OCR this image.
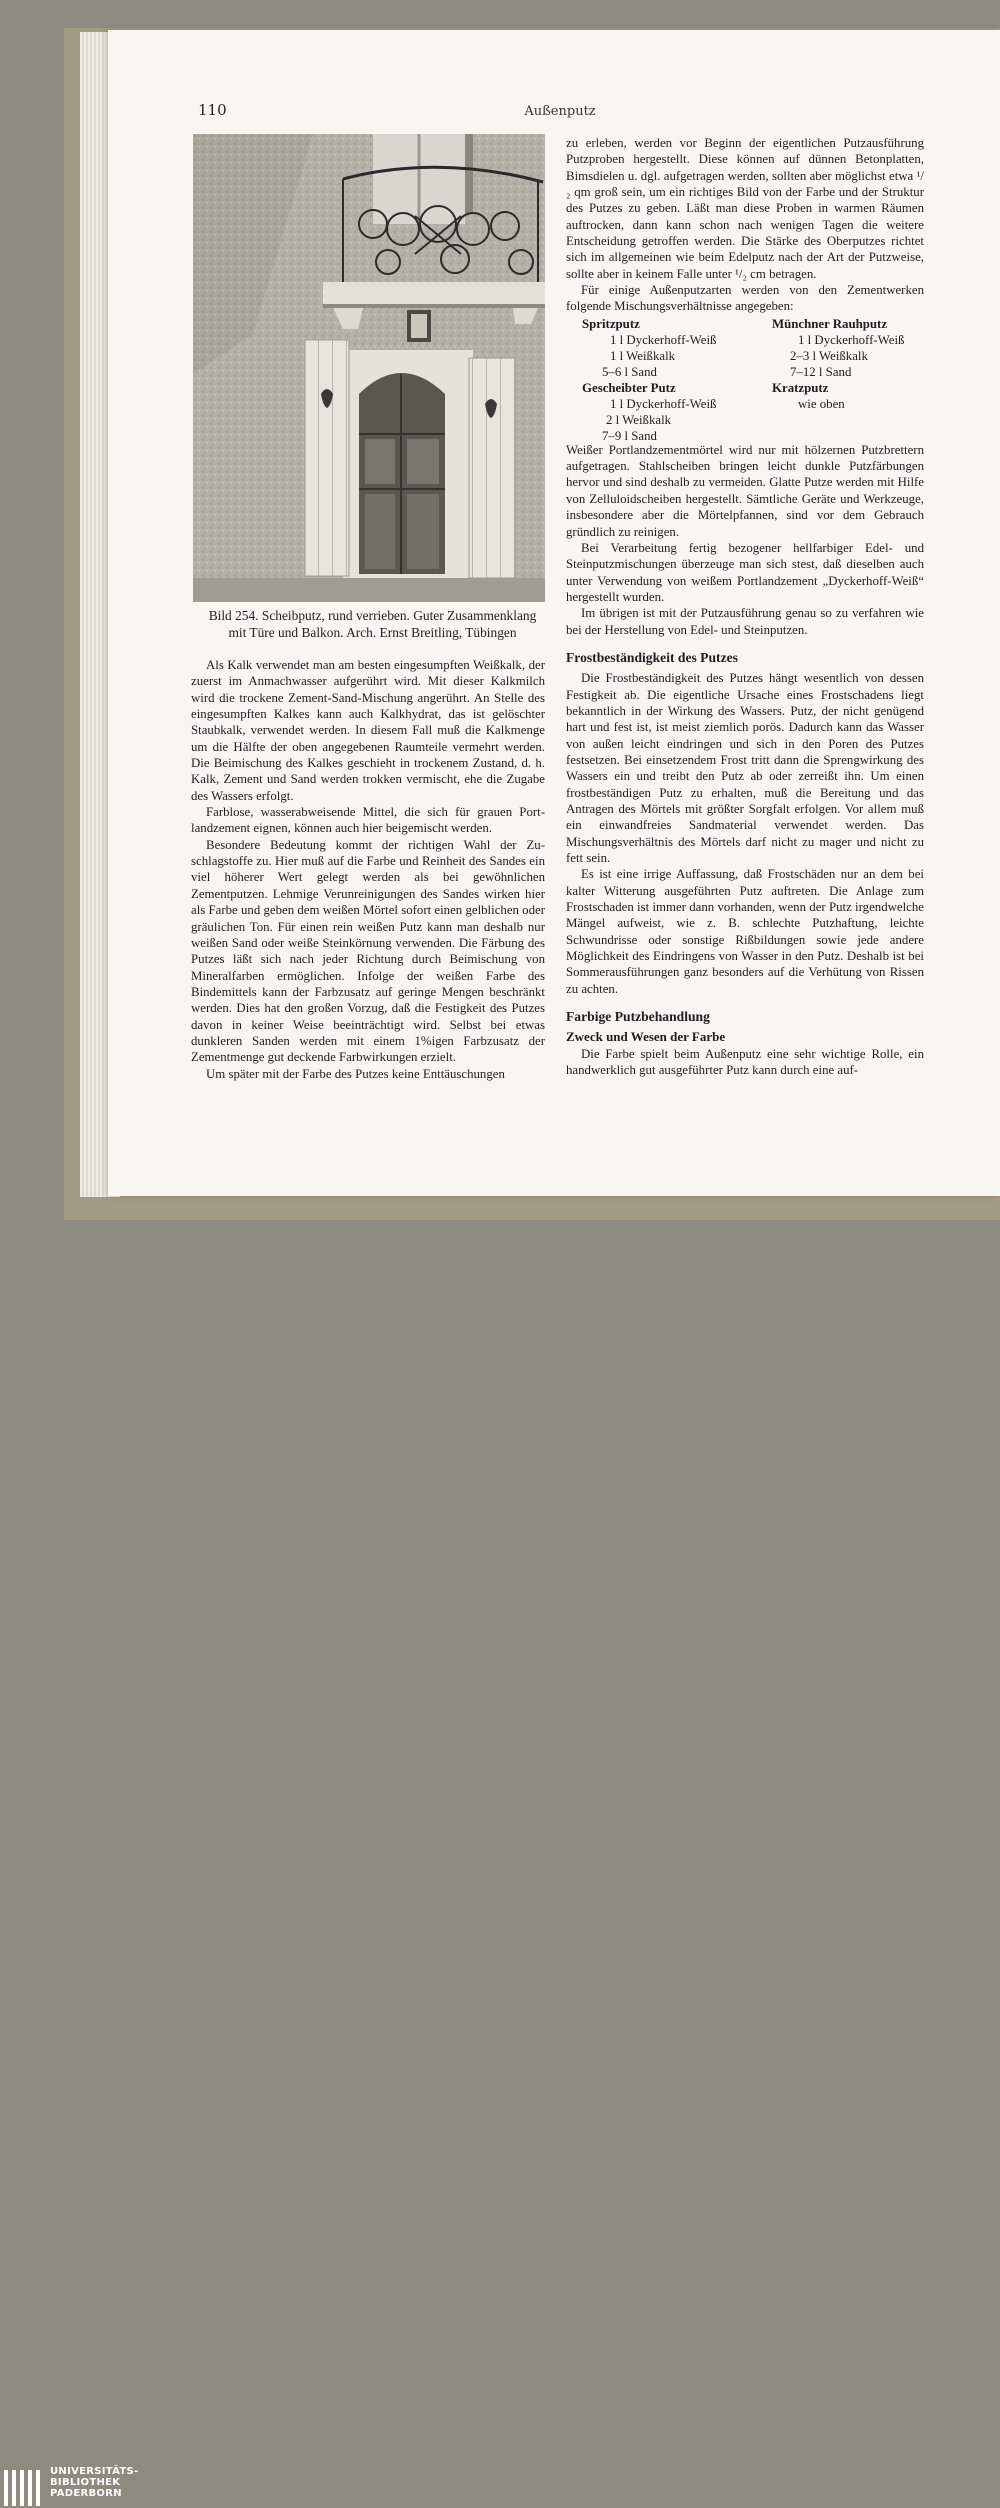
110	Außenputz
Bild 254. Scheibputz, rund verrieben. Guter Zusammenklang
mit Türe und Balkon. Arch. Ernst Breitling, Tübingen

Als Kalk verwendet man am besten eingesumpften Weißkalk, der zuerst im Anmachwasser aufgerührt wird. Mit dieser Kalkmilch wird die trockene Zement-Sand-Mischung angerührt. An Stelle des eingesumpften Kalkes kann auch Kalkhydrat, das ist gelöschter Staubkalk, verwendet werden. In diesem Fall muß die Kalkmenge um die Hälfte der oben angegebenen Raumteile vermehrt werden. Die Beimischung des Kalkes geschieht in trockenem Zustand, d. h. Kalk, Zement und Sand werden trokken vermischt, ehe die Zugabe des Wassers erfolgt.

Farblose, wasserabweisende Mittel, die sich für grauen Portlandzement eignen, können auch hier beigemischt werden.

Besondere Bedeutung kommt der richtigen Wahl der Zuschlagstoffe zu. Hier muß auf die Farbe und Reinheit des Sandes ein viel höherer Wert gelegt werden als bei gewöhnlichen Zementputzen. Lehmige Verunreinigungen des Sandes wirken hier als Farbe und geben dem weißen Mörtel sofort einen gelblichen oder gräulichen Ton. Für einen rein weißen Putz kann man deshalb nur weißen Sand oder weiße Steinkörnung verwenden. Die Färbung des Putzes läßt sich nach jeder Richtung durch Beimischung von Mineralfarben ermöglichen. Infolge der weißen Farbe des Bindemittels kann der Farbzusatz auf geringe Mengen beschränkt werden. Dies hat den großen Vorzug, daß die Festigkeit des Putzes davon in keiner Weise beeinträchtigt wird. Selbst bei etwas dunkleren Sanden werden mit einem 1%igen Farbzusatz der Zementmenge gut deckende Farbwirkungen erzielt.

Um später mit der Farbe des Putzes keine Enttäuschungen

zu erleben, werden vor Beginn der eigentlichen Putzausführung Putzproben hergestellt. Diese können auf dünnen Betonplatten, Bimsdielen u. dgl. aufgetragen werden, sollten aber möglichst etwa ¹/₂ qm groß sein, um ein richtiges Bild von der Farbe und der Struktur des Putzes zu geben. Läßt man diese Proben in warmen Räumen auftrocken, dann kann schon nach wenigen Tagen die weitere Entscheidung getroffen werden. Die Stärke des Oberputzes richtet sich im allgemeinen wie beim Edelputz nach der Art der Putzweise, sollte aber in keinem Falle unter ¹/₂ cm betragen.

Für einige Außenputzarten werden von den Zementwerken folgende Mischungsverhältnisse angegeben:

Spritzputz
1 l Dyckerhoff-Weiß
1 l Weißkalk
5–6 l Sand
Gescheibter Putz
1 l Dyckerhoff-Weiß
2 l Weißkalk
7–9 l Sand
Münchner Rauhputz
1 l Dyckerhoff-Weiß
2–3 l Weißkalk
7–12 l Sand
Kratzputz
wie oben

Weißer Portlandzementmörtel wird nur mit hölzernen Putzbrettern aufgetragen. Stahlscheiben bringen leicht dunkle Putzfärbungen hervor und sind deshalb zu vermeiden. Glatte Putze werden mit Hilfe von Zelluloidscheiben hergestellt. Sämtliche Geräte und Werkzeuge, insbesondere aber die Mörtelpfannen, sind vor dem Gebrauch gründlich zu reinigen.

Bei Verarbeitung fertig bezogener hellfarbiger Edel- und Steinputzmischungen überzeuge man sich stest, daß dieselben auch unter Verwendung von weißem Portlandzement „Dyckerhoff-Weiß“ hergestellt wurden.

Im übrigen ist mit der Putzausführung genau so zu verfahren wie bei der Herstellung von Edel- und Steinputzen.

Frostbeständigkeit des Putzes

Die Frostbeständigkeit des Putzes hängt wesentlich von dessen Festigkeit ab. Die eigentliche Ursache eines Frostschadens liegt bekanntlich in der Wirkung des Wassers. Putz, der nicht genügend hart und fest ist, ist meist ziemlich porös. Dadurch kann das Wasser von außen leicht eindringen und sich in den Poren des Putzes festsetzen. Bei einsetzendem Frost tritt dann die Sprengwirkung des Wassers ein und treibt den Putz ab oder zerreißt ihn. Um einen frostbeständigen Putz zu erhalten, muß die Bereitung und das Antragen des Mörtels mit größter Sorgfalt erfolgen. Vor allem muß ein einwandfreies Sandmaterial verwendet werden. Das Mischungsverhältnis des Mörtels darf nicht zu mager und nicht zu fett sein.

Es ist eine irrige Auffassung, daß Frostschäden nur an dem bei kalter Witterung ausgeführten Putz auftreten. Die Anlage zum Frostschaden ist immer dann vorhanden, wenn der Putz irgendwelche Mängel aufweist, wie z. B. schlechte Putzhaftung, leichte Schwundrisse oder sonstige Rißbildungen sowie jede andere Möglichkeit des Eindringens von Wasser in den Putz. Deshalb ist bei Sommerausführungen ganz besonders auf die Verhütung von Rissen zu achten.

Farbige Putzbehandlung
Zweck und Wesen der Farbe

Die Farbe spielt beim Außenputz eine sehr wichtige Rolle, ein handwerklich gut ausgeführter Putz kann durch eine auf-

UNIVERSITÄTS-
BIBLIOTHEK
PADERBORN
